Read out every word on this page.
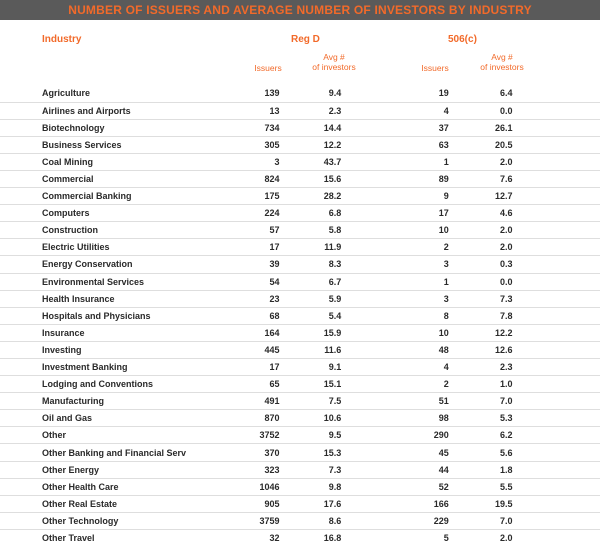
NUMBER OF ISSUERS AND AVERAGE NUMBER OF INVESTORS BY INDUSTRY
Industry	Reg D	506(c)
Issuers
Avg #
of investors	Issuers
Avg #
of investors
Agriculture	139	9.4	19	6.4	
Airlines and Airports	13	2.3	4	0.0	
Biotechnology	734	14.4	37	26.1	
Business Services	305	12.2	63	20.5	
Coal Mining	3	43.7	1	2.0	
Commercial	824	15.6	89	7.6	
Commercial Banking	175	28.2	9	12.7	
Computers	224	6.8	17	4.6	
Construction	57	5.8	10	2.0	
Electric Utilities	17	11.9	2	2.0	
Energy Conservation	39	8.3	3	0.3	
Environmental Services	54	6.7	1	0.0	
Health Insurance	23	5.9	3	7.3	
Hospitals and Physicians	68	5.4	8	7.8	
Insurance	164	15.9	10	12.2	
Investing	445	11.6	48	12.6	
Investment Banking	17	9.1	4	2.3	
Lodging and Conventions	65	15.1	2	1.0	
Manufacturing	491	7.5	51	7.0	
Oil and Gas	870	10.6	98	5.3	
Other	3752	9.5	290	6.2	
Other Banking and Financial Serv	370	15.3	45	5.6	
Other Energy	323	7.3	44	1.8	
Other Health Care	1046	9.8	52	5.5	
Other Real Estate	905	17.6	166	19.5	
Other Technology	3759	8.6	229	7.0	
Other Travel	32	16.8	5	2.0	
